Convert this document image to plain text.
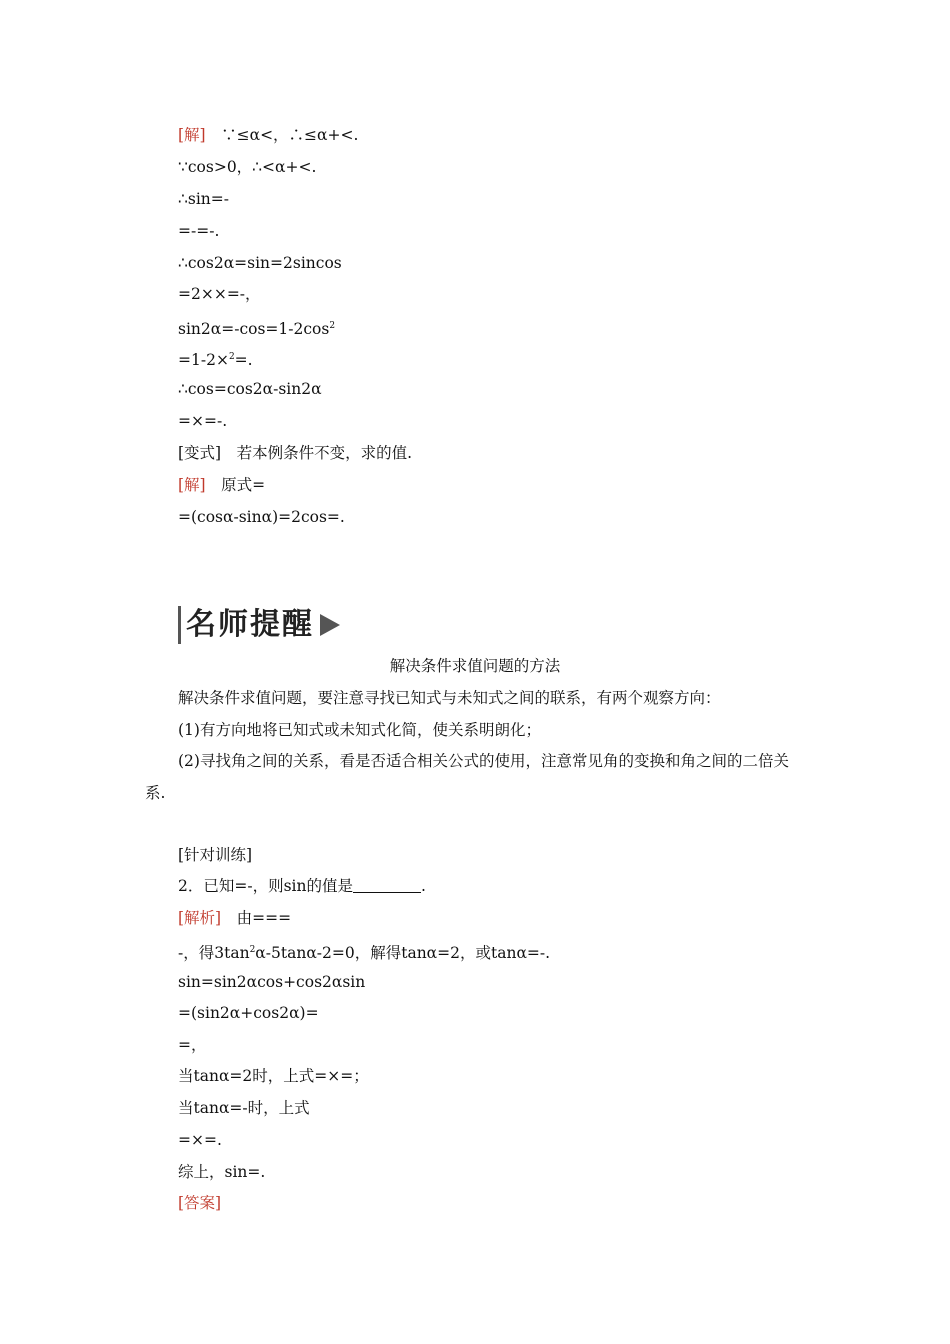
[解]　∵≤α<，∴≤α+<.
∵cos>0，∴<α+<.
∴sin=-
=-=-.
∴cos2α=sin=2sincos
=2××=-，
$\sin 2\alpha=-\cos=1-2\cos^2$
=1-2×$^2$=.
∴cos=cos2α-sin2α
=×=-.
[变式]　若本例条件不变，求的值.
[解]　原式=
=(cosα-sinα)=2cos=.
名师提醒
解决条件求值问题的方法
解决条件求值问题，要注意寻找已知式与未知式之间的联系，有两个观察方向：
(1)有方向地将已知式或未知式化简，使关系明朗化；
(2)寻找角之间的关系，看是否适合相关公式的使用，注意常见角的变换和角之间的二倍关系.
[针对训练]
2．已知=-，则sin的值是	.
[解析]　由===
-，得$3\tan^2\alpha-5\tan\alpha-2=0$，解得tanα=2，或tanα=-.
sin=sin2αcos+cos2αsin
=(sin2α+cos2α)=
=，
当tanα=2时，上式=×=；
当tanα=-时，上式
=×=.
综上，sin=.
[答案]
